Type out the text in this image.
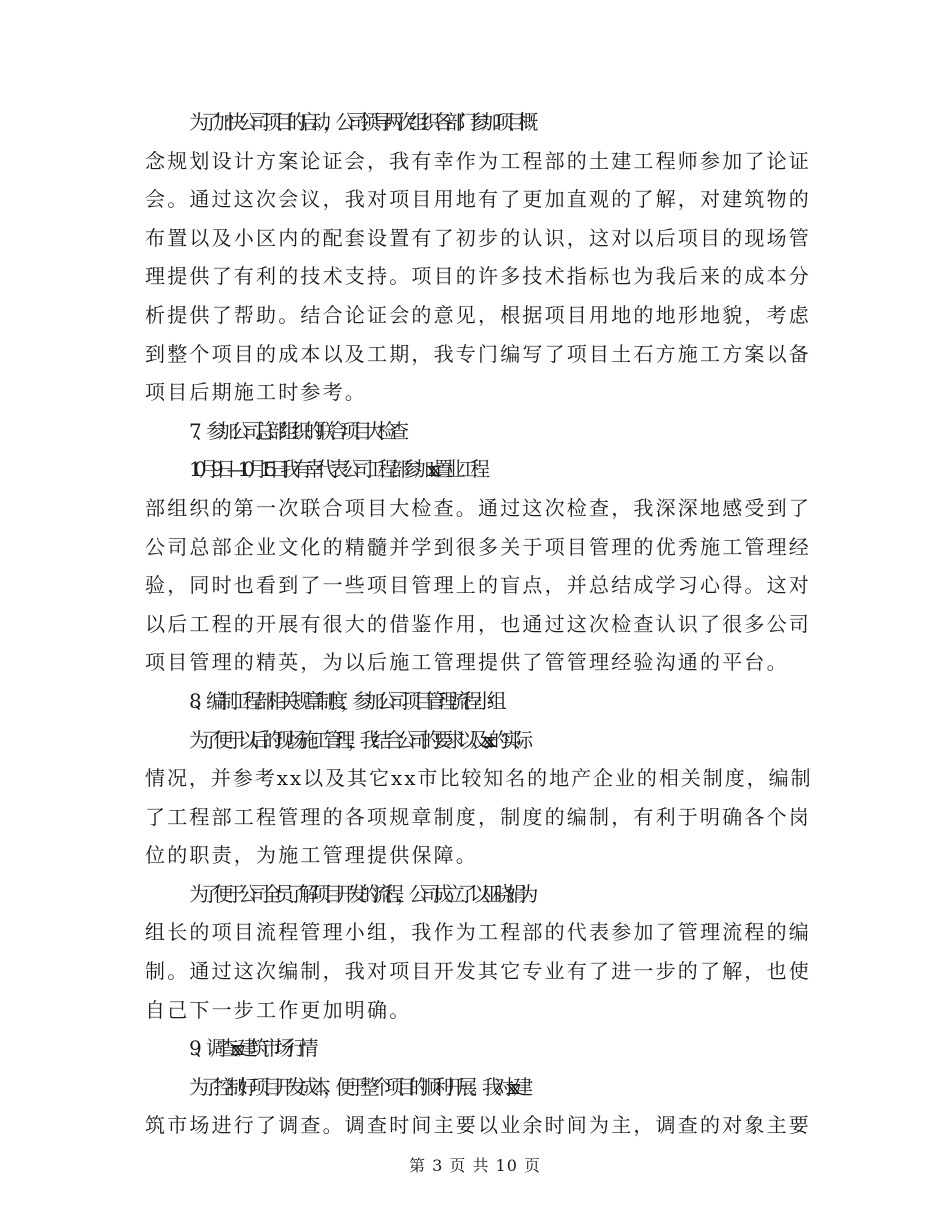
为了加快公司项目的启动，公司领导两次组织各部门参加项目概
念规划设计方案论证会，我有幸作为工程部的土建工程师参加了论证
会。通过这次会议，我对项目用地有了更加直观的了解，对建筑物的
布置以及小区内的配套设置有了初步的认识，这对以后项目的现场管
理提供了有利的技术支持。项目的许多技术指标也为我后来的成本分
析提供了帮助。结合论证会的意见，根据项目用地的地形地貌，考虑
到整个项目的成本以及工期，我专门编写了项目土石方施工方案以备
项目后期施工时参考。
7、参加公司总部组织的联合项目大检查
10月9日 — 10月15日 我有幸代表公司工程部参加xx置业工程
部组织的第一次联合项目大检查。通过这次检查，我深深地感受到了
公司总部企业文化的精髓并学到很多关于项目管理的优秀施工管理经
验，同时也看到了一些项目管理上的盲点，并总结成学习心得。这对
以后工程的开展有很大的借鉴作用，也通过这次检查认识了很多公司
项目管理的精英，为以后施工管理提供了管管理经验沟通的平台。
8、编制工程部相关规章制度，参加公司项目管理流程小组
为了便于以后的现场施工管理，我结合公司的要求以及xx的实际
情况，并参考xx以及其它xx市比较知名的地产企业的相关制度，编制
了工程部工程管理的各项规章制度，制度的编制，有利于明确各个岗
位的职责，为施工管理提供保障。
为了便于公司全员了解项目开发的流程，公司成立了以巫晓娟为
组长的项目流程管理小组，我作为工程部的代表参加了管理流程的编
制。通过这次编制，我对项目开发其它专业有了进一步的了解，也使
自己下一步工作更加明确。
9、调查xx建筑市场行情
为了控制好项目开发成本，便于整个项目的顺利开展。我对xx建
筑市场进行了调查。调查时间主要以业余时间为主，调查的对象主要
第 3 页 共 10 页
